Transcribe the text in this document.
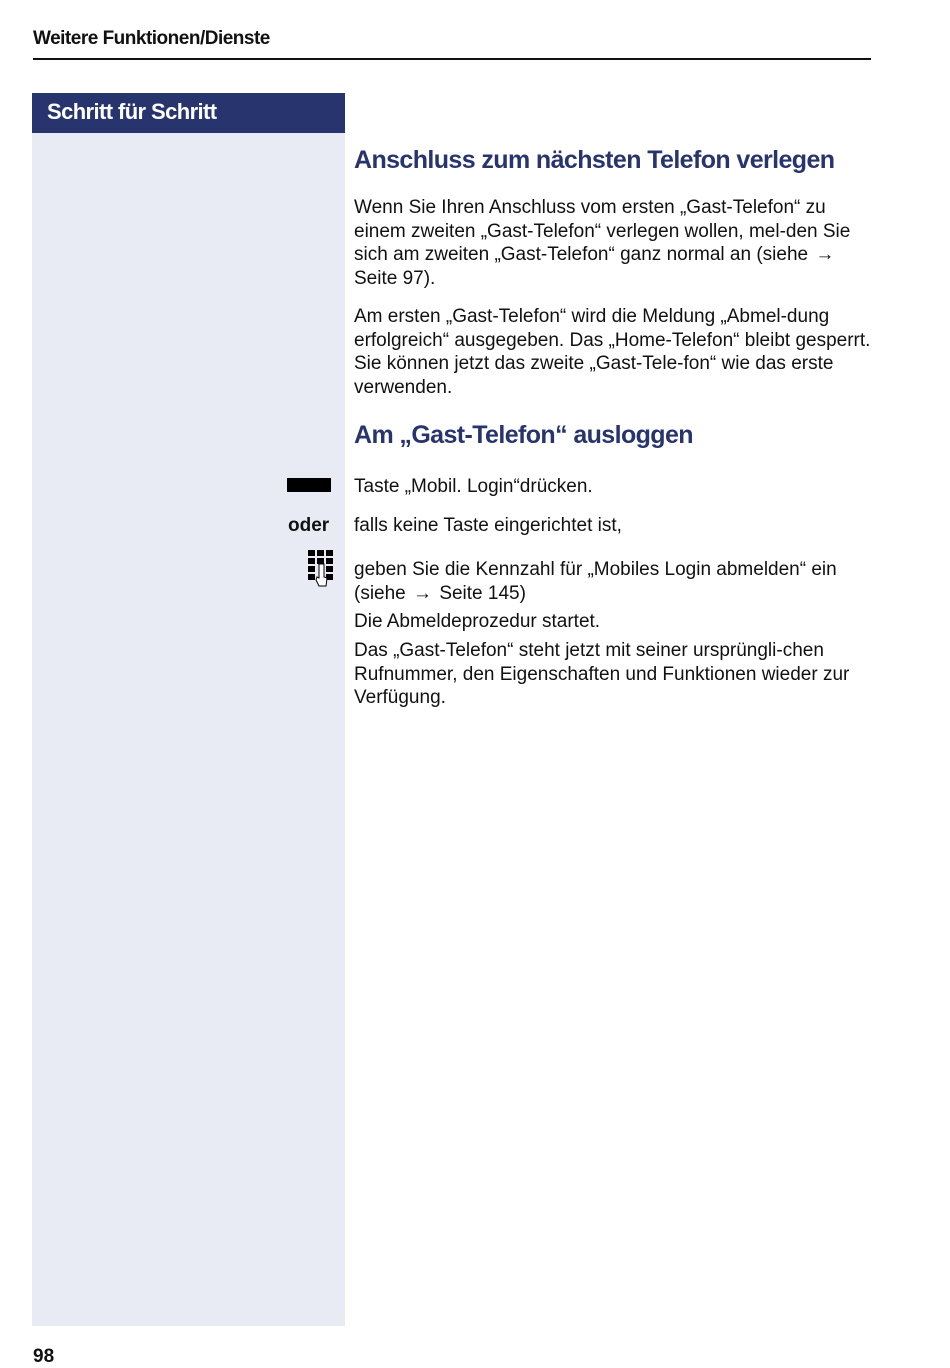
Weitere Funktionen/Dienste
Schritt für Schritt
Anschluss zum nächsten Telefon verlegen

Wenn Sie Ihren Anschluss vom ersten „Gast-Telefon“ zu einem zweiten „Gast-Telefon“ verlegen wollen, mel-den Sie sich am zweiten „Gast-Telefon“ ganz normal an (siehe → Seite 97).

Am ersten „Gast-Telefon“ wird die Meldung „Abmel-dung erfolgreich“ ausgegeben. Das „Home-Telefon“ bleibt gesperrt. Sie können jetzt das zweite „Gast-Tele-fon“ wie das erste verwenden.

Am „Gast-Telefon“ ausloggen

Taste „Mobil. Login“drücken.

oder falls keine Taste eingerichtet ist,

geben Sie die Kennzahl für „Mobiles Login abmelden“ ein (siehe → Seite 145)

Die Abmeldeprozedur startet.

Das „Gast-Telefon“ steht jetzt mit seiner ursprüngli-chen Rufnummer, den Eigenschaften und Funktionen wieder zur Verfügung.

98
